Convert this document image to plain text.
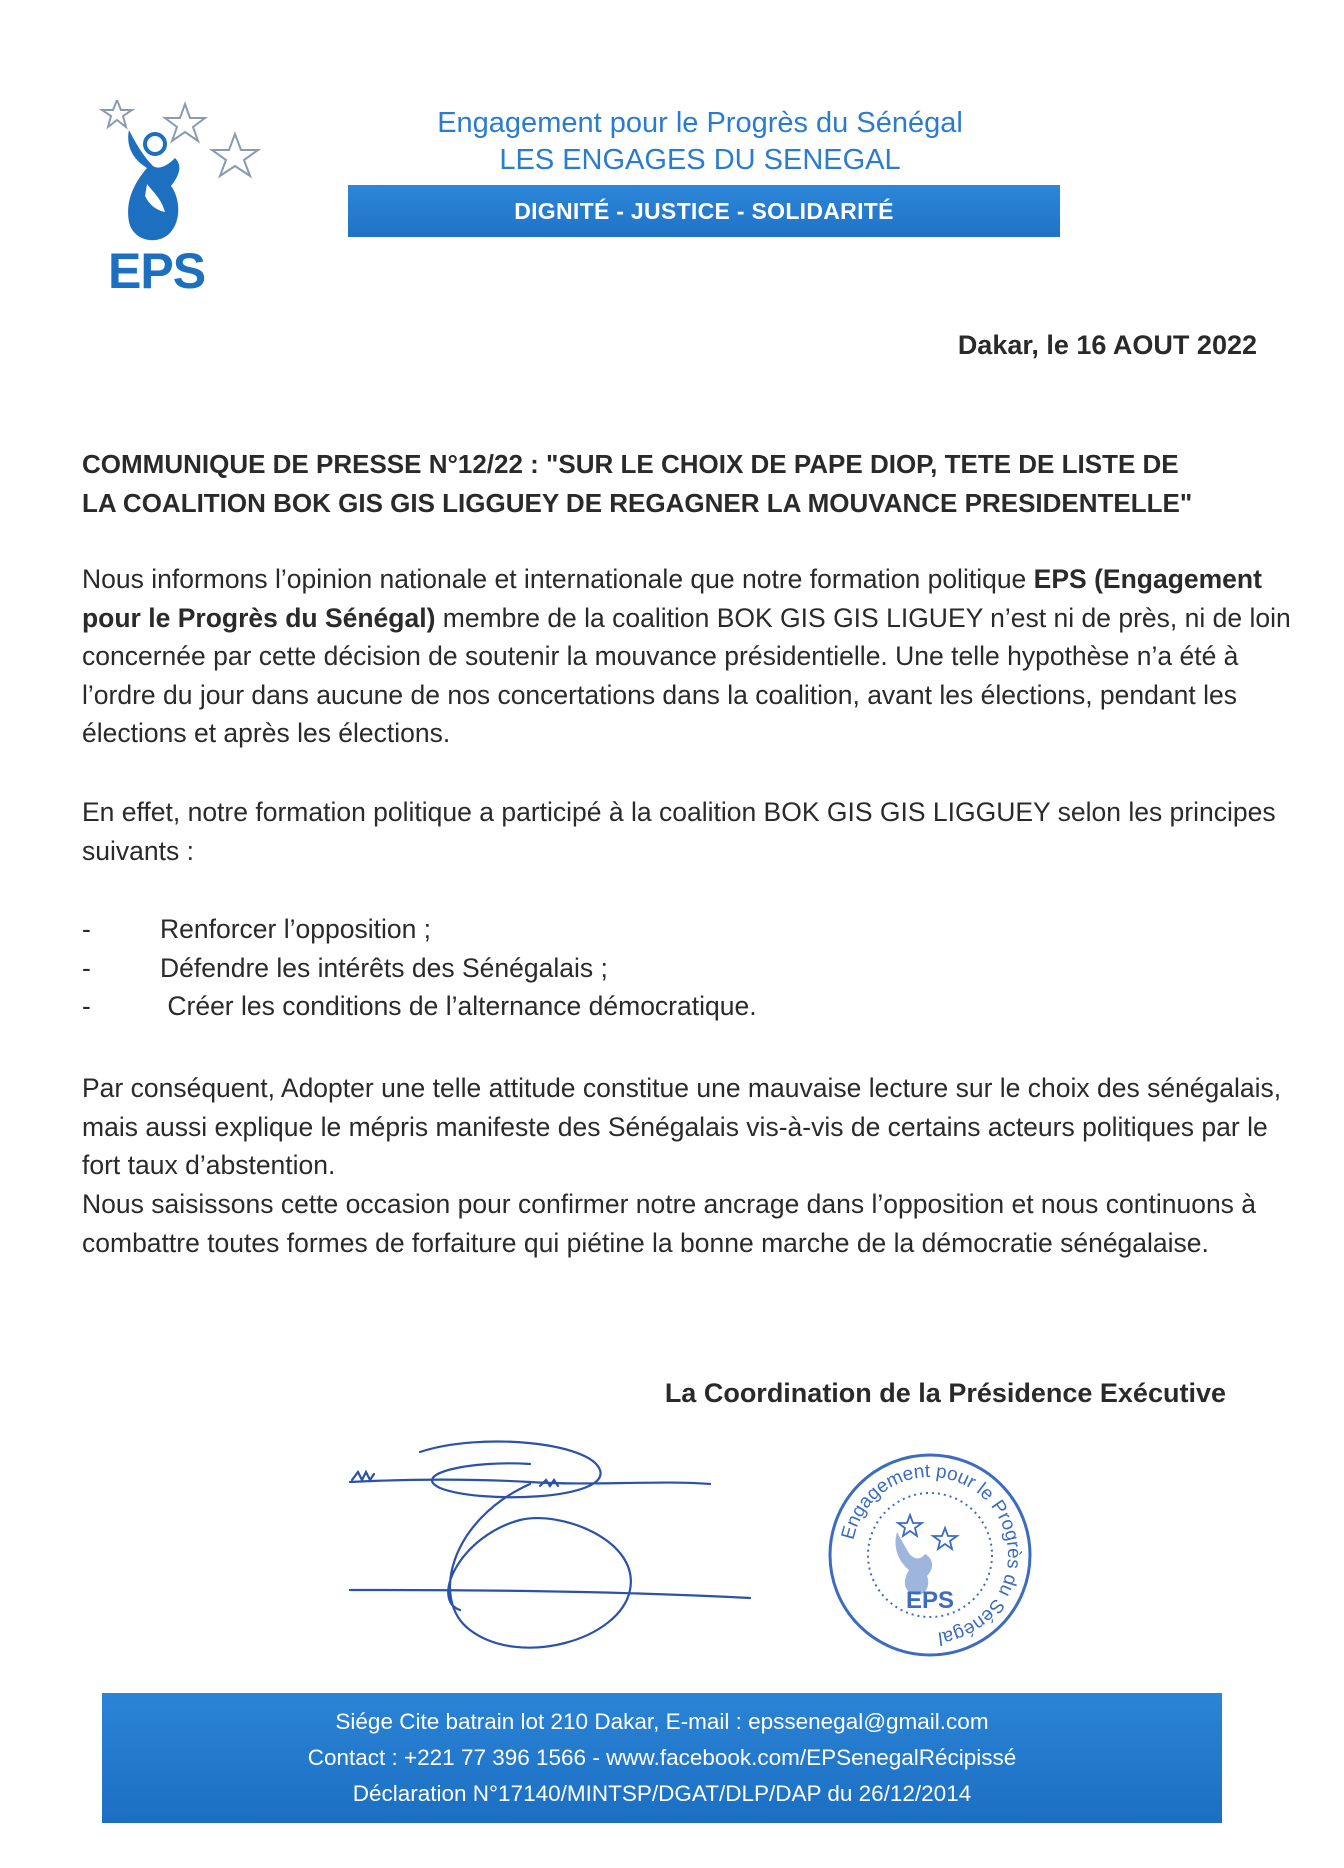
EPS
Engagement pour le Progrès du Sénégal
LES ENGAGES DU SENEGAL
DIGNITÉ - JUSTICE - SOLIDARITÉ
Dakar, le 16 AOUT 2022
COMMUNIQUE DE PRESSE N°12/22 : "SUR LE CHOIX DE PAPE DIOP, TETE DE LISTE DE
LA COALITION BOK GIS GIS LIGGUEY DE REGAGNER LA MOUVANCE PRESIDENTELLE"
Nous informons l’opinion nationale et internationale que notre formation politique EPS (Engagement pour le Progrès du Sénégal) membre de la coalition BOK GIS GIS LIGUEY n’est ni de près, ni de loin concernée par cette décision de soutenir la mouvance présidentielle. Une telle hypothèse n’a été à l’ordre du jour dans aucune de nos concertations dans la coalition, avant les élections, pendant les élections et après les élections.
En effet, notre formation politique a participé à la coalition BOK GIS GIS LIGGUEY selon les principes suivants :
-	Renforcer l’opposition ;
-	Défendre les intérêts des Sénégalais ;
-	Créer les conditions de l’alternance démocratique.
Par conséquent, Adopter une telle attitude constitue une mauvaise lecture sur le choix des sénégalais, mais aussi explique le mépris manifeste des Sénégalais vis-à-vis de certains acteurs politiques par le fort taux d’abstention.
Nous saisissons cette occasion pour confirmer notre ancrage dans l’opposition et nous continuons à combattre toutes formes de forfaiture qui piétine la bonne marche de la démocratie sénégalaise.
La Coordination de la Présidence Exécutive
Engagement pour le Progrès du Sénégal
EPS
Siége Cite batrain lot 210 Dakar, E-mail : epssenegal@gmail.com
Contact : +221 77 396 1566 - www.facebook.com/EPSenegalRécipissé
Déclaration N°17140/MINTSP/DGAT/DLP/DAP du 26/12/2014
